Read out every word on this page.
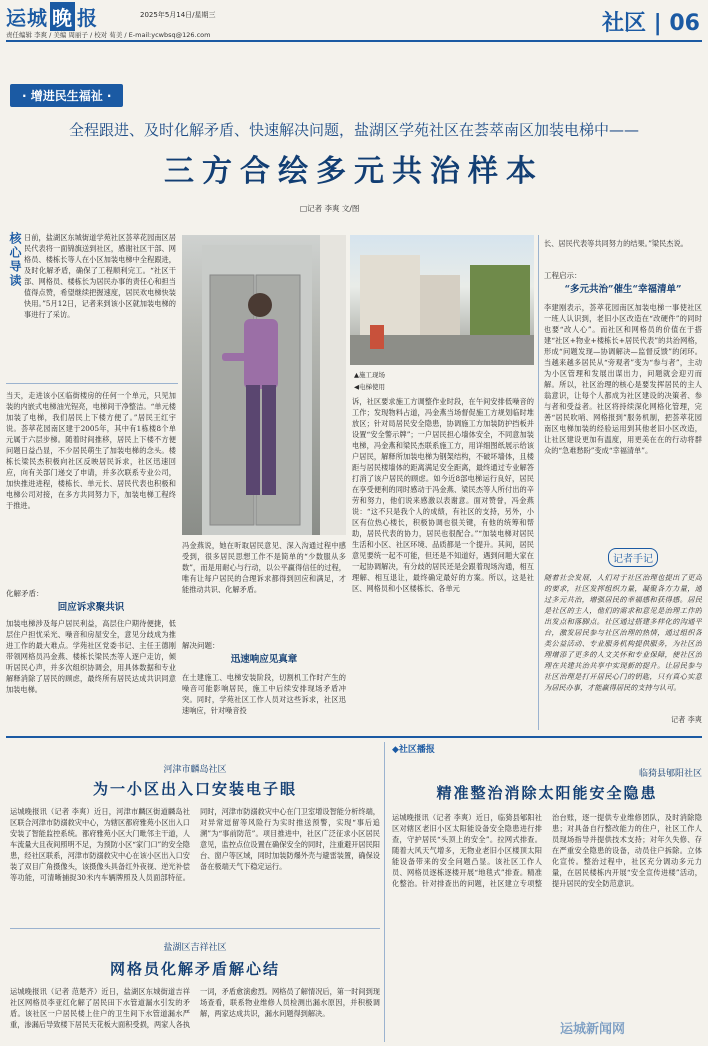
运城 晚 报	2025年5月14日/星期三
责任编辑 李爽 / 美编 周丽子 / 校对 荀美 / E-mail:ycwbsq@126.com	社区 | 06
· 增进民生福祉 ·
全程跟进、及时化解矛盾、快速解决问题，盐湖区学苑社区在荟萃南区加装电梯中——
三方合绘多元共治样本
□记者 李爽 文/图
核心导读 日前，盐湖区东城街道学苑社区荟萃花园南区居民代表将一面锦旗送到社区，感谢社区干部、网格员、楼栋长等人在小区加装电梯中全程跟进，及时化解矛盾，确保了工程顺利完工。“社区干部、网格员、楼栋长为居民办事的责任心和担当值得点赞，希望继续把握速度，居民欢电梯快装快用。”5月12日，记者来到该小区就加装电梯的事进行了采访。
当天，走进该小区临街楼房的任何一个单元，只见加装的内嵌式电梯油光锃亮，电梯间干净整洁。“单元楼加装了电梯，我们居民上下楼方便了。”居民王红宇说。荟萃花园南区建于2005年，其中有1栋楼8个单元属于六层步梯。随着时间推移，居民上下楼不方便问题日益凸显，不少居民萌生了加装电梯的念头。楼栋长梁民杰积极向社区反映居民诉求，社区迅速回应，向有关部门递交了申请，并多次联系专业公司，加快推进进程，楼栋长、单元长、居民代表也积极和电梯公司对接，在多方共同努力下，加装电梯工程终于推进。
化解矛盾：
回应诉求聚共识
加装电梯涉及每户居民利益，高层住户期待便捷，低层住户担忧采光、噪音和房屋安全，意见分歧成为推进工作的最大难点。学苑社区党委书记、主任王德刚带领网格员冯金燕、楼栋长梁民杰等人逐户走访，倾听居民心声，并多次组织协调会，用具体数据和专业解释消除了居民的顾虑，最终所有居民达成共识同意加装电梯。
▲施工现场
◀电梯使用
冯金燕说，她在听取居民意见、深入沟通过程中感受到，很多居民思想工作不是简单的“少数服从多数”，而是用耐心与行动，以公平赢得信任的过程，唯有让每户居民的合理诉求都得到回应和满足，才能推动共识、化解矛盾。
解决问题：
迅速响应见真章
在土建施工、电梯安装阶段，切割机工作时产生的噪音可能影响居民，施工中后续安排现场矛盾冲突。同时，学苑社区工作人员对这些诉求，社区迅速响应，针对噪音投
诉，社区要求施工方调整作业时段，在午间安排低噪音的工作；发现物料占道，冯金燕当场督促施工方规划临时堆放区；针对局居民安全隐患，协调施工方加装防护挡板并设置“安全警示牌”；一户居民担心墙体安全，不同意加装电梯，冯金燕和梁民杰联系施工方，用详细图纸展示给该户居民，解释所加装电梯为钢架结构，不破坏墙体，且楼距与居民楼墙体的距离满足安全距离，最终通过专业解答打消了该户居民的顾虑。如今近8部电梯运行良好，居民在享受便利的同时感动于冯金燕、梁民杰等人所付出的辛劳和努力，他们说来感激以表谢意。面对赞誉，冯金燕说：“这不只是我个人的成绩，有社区的支持，另外，小区有位热心楼长，积极协调也很关键，有他的统筹和帮助，居民代表的协力，居民也很配合。”“加装电梯对居民生活和小区、社区环境、品质都是一个提升。其间，居民意见要统一起不可能，但还是不知道好，遇到问题大家在一起协调解决，有分歧的居民还是会跟着现场沟通，相互理解、相互退让，最终确定最好的方案。所以，这是社区、网格员和小区楼栋长、各单元
长、居民代表等共同努力的结果。”梁民杰说。
工程启示：
“多元共治”催生“幸福清单”
李建刚表示，荟萃花园南区加装电梯一事使社区一班人认识到，老旧小区改造在“改硬件”的同时也要“改人心”。而社区和网格员的价值在于搭建“社区+物业+楼栋长+居民代表”的共治网格，形成“问题发现—协调解决—监督反馈”的闭环。当越来越多居民从“旁观者”变为“参与者”，主动为小区管理和发展出谋出力，问题就会迎刃而解。所以，社区治理的核心是要发挥居民的主人翁意识，让每个人都成为社区建设的决策者、参与者和受益者。社区将持续深化网格化管理，完善“居民吹哨、网格报到”服务机制，把荟萃花园南区电梯加装的经验运用到其他老旧小区改造，让社区建设更加有温度，用更美在在的行动将群众的“急难愁盼”变成“幸福清单”。
记者手记
随着社会发展，人们对于社区治理也提出了更高的要求，社区发挥组织力量，凝聚各方力量，通过多元共治，增强居民的幸福感和获得感。居民是社区的主人，他们的需求和意见是治理工作的出发点和落脚点。社区通过搭建多样化的沟通平台，激发居民参与社区治理的热情，通过组织各类公益活动、专业服务机构提供服务，为社区治理增添了更多的人文关怀和专业保障，使社区治理在共建共治共享中实现新的提升。让居民参与社区治理是打开居民心门的钥匙，只有真心实意为居民办事，才能赢得居民的支持与认可。
记者 李爽
河津市麟岛社区
为一小区出入口安装电子眼
运城晚报讯（记者 李爽）近日，河津市麟区街道麟岛社区联合河津市防溺救灾中心，为辖区都府雅苑小区出入口安装了智能监控系统。都府雅苑小区大门毗邻主干道，人车流量大且夜间照明不足，为预防小区“家门口”的安全隐患，经社区联系，河津市防溺救灾中心在该小区出入口安装了双目广角摄像头，该摄像头具备红外夜视、逆光补偿等功能，可清晰捕捉30米内车辆牌照及人员面部特征。同时，河津市防溺救灾中心在门卫室增设智能分析终端，对异常逗留等风险行为实时推送预警，实现“事后追溯”为“事前防范”。项目推进中，社区广泛征求小区居民意见，监控点位设置在确保安全的同时，注重避开居民阳台、窗户等区域，同时加装防爆外壳与避雷装置，确保设备在极端天气下稳定运行。
盐湖区吉祥社区
网格员化解矛盾解心结
运城晚报讯（记者 范楚齐）近日，盐湖区东城街道吉祥社区网格员李亚红化解了居民田下水管道漏水引发的矛盾。该社区一户居民楼上住户的卫生间下水管道漏水严重，渗漏后导致楼下居民天花板大面积受损，两家人各执一词，矛盾愈演愈烈。网格员了解情况后，第一时间到现场查看，联系物业维修人员检测出漏水原因，并积极调解，两家达成共识，漏水问题得到解决。
◆社区播报
临猗县郇阳社区
精准整治消除太阳能安全隐患
运城晚报讯（记者 李爽）近日，临猗县郇阳社区对辖区老旧小区太阳能设备安全隐患进行排查，守护居民“头顶上的安全”。拉网式排查。随着大风天气增多，无物业老旧小区楼顶太阳能设备带来的安全问题凸显。该社区工作人员、网格员逐栋逐楼开展“地毯式”排查。精准化整治。针对排查出的问题，社区建立专项整治台账，逐一提供专业维修团队，及时消除隐患；对具备自行整改能力的住户，社区工作人员现场指导并提供技术支持；对年久失修、存在严重安全隐患的设备，动员住户拆除。立体化宣传。整治过程中，社区充分调动多元力量，在居民楼栋内开展“安全宣传进楼”活动，提升居民的安全防范意识。
运城新闻网
